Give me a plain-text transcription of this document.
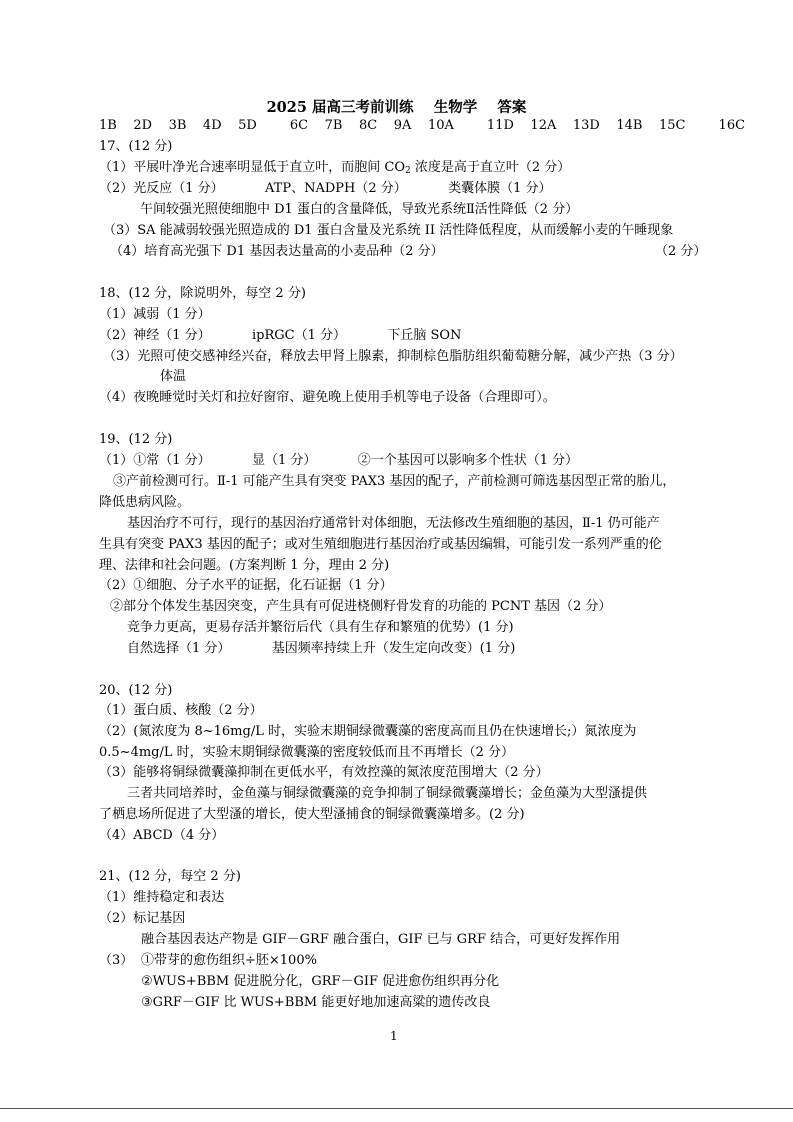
2025 届高三考前训练    生物学    答案
1B    2D    3B    4D    5D        6C    7B    8C    9A    10A        11D    12A    13D    14B    15C        16C
17、(12 分)
（1）平展叶净光合速率明显低于直立叶，而胞间 $CO_2$ 浓度是高于直立叶（2 分）
（2）光反应（1 分）          ATP、NADPH（2 分）          类囊体膜（1 分）
午间较强光照使细胞中 D1 蛋白的含量降低，导致光系统Ⅱ活性降低（2 分）
（3）SA 能减弱较强光照造成的 D1 蛋白含量及光系统 II 活性降低程度，从而缓解小麦的午睡现象
（4）培育高光强下 D1 基因表达量高的小麦品种（2 分）	（2 分）
18、(12 分，除说明外，每空 2 分)
（1）减弱（1 分）
（2）神经（1 分）          ipRGC（1 分）          下丘脑 SON
（3）光照可使交感神经兴奋，释放去甲肾上腺素，抑制棕色脂肪组织葡萄糖分解，减少产热（3 分）
体温
（4）夜晚睡觉时关灯和拉好窗帘、避免晚上使用手机等电子设备（合理即可）。
19、(12 分)
（1）①常（1 分）          显（1 分）          ②一个基因可以影响多个性状（1 分）
③产前检测可行。Ⅱ-1 可能产生具有突变 PAX3 基因的配子，产前检测可筛选基因型正常的胎儿，
降低患病风险。
基因治疗不可行，现行的基因治疗通常针对体细胞，无法修改生殖细胞的基因，Ⅱ-1 仍可能产
生具有突变 PAX3 基因的配子；或对生殖细胞进行基因治疗或基因编辑，可能引发一系列严重的伦
理、法律和社会问题。(方案判断 1 分，理由 2 分)
（2）①细胞、分子水平的证据，化石证据（1 分）
②部分个体发生基因突变，产生具有可促进桡侧籽骨发育的功能的 PCNT 基因（2 分）
竞争力更高，更易存活并繁衍后代（具有生存和繁殖的优势）(1 分)
自然选择（1 分）          基因频率持续上升（发生定向改变）(1 分)
20、(12 分)
（1）蛋白质、核酸（2 分）
（2）(氮浓度为 8~16mg/L 时，实验末期铜绿微囊藻的密度高而且仍在快速增长;）氮浓度为
0.5~4mg/L 时，实验末期铜绿微囊藻的密度较低而且不再增长（2 分）
（3）能够将铜绿微囊藻抑制在更低水平，有效控藻的氮浓度范围增大（2 分）
三者共同培养时，金鱼藻与铜绿微囊藻的竞争抑制了铜绿微囊藻增长；金鱼藻为大型溞提供
了栖息场所促进了大型溞的增长，使大型溞捕食的铜绿微囊藻增多。(2 分)
（4）ABCD（4 分）
21、(12 分，每空 2 分)
（1）维持稳定和表达
（2）标记基因
融合基因表达产物是 GIF－GRF 融合蛋白，GIF 已与 GRF 结合，可更好发挥作用
（3） ①带芽的愈伤组织÷胚×100%
②WUS+BBM 促进脱分化，GRF－GIF 促进愈伤组织再分化
③GRF－GIF 比 WUS+BBM 能更好地加速高粱的遗传改良
1
